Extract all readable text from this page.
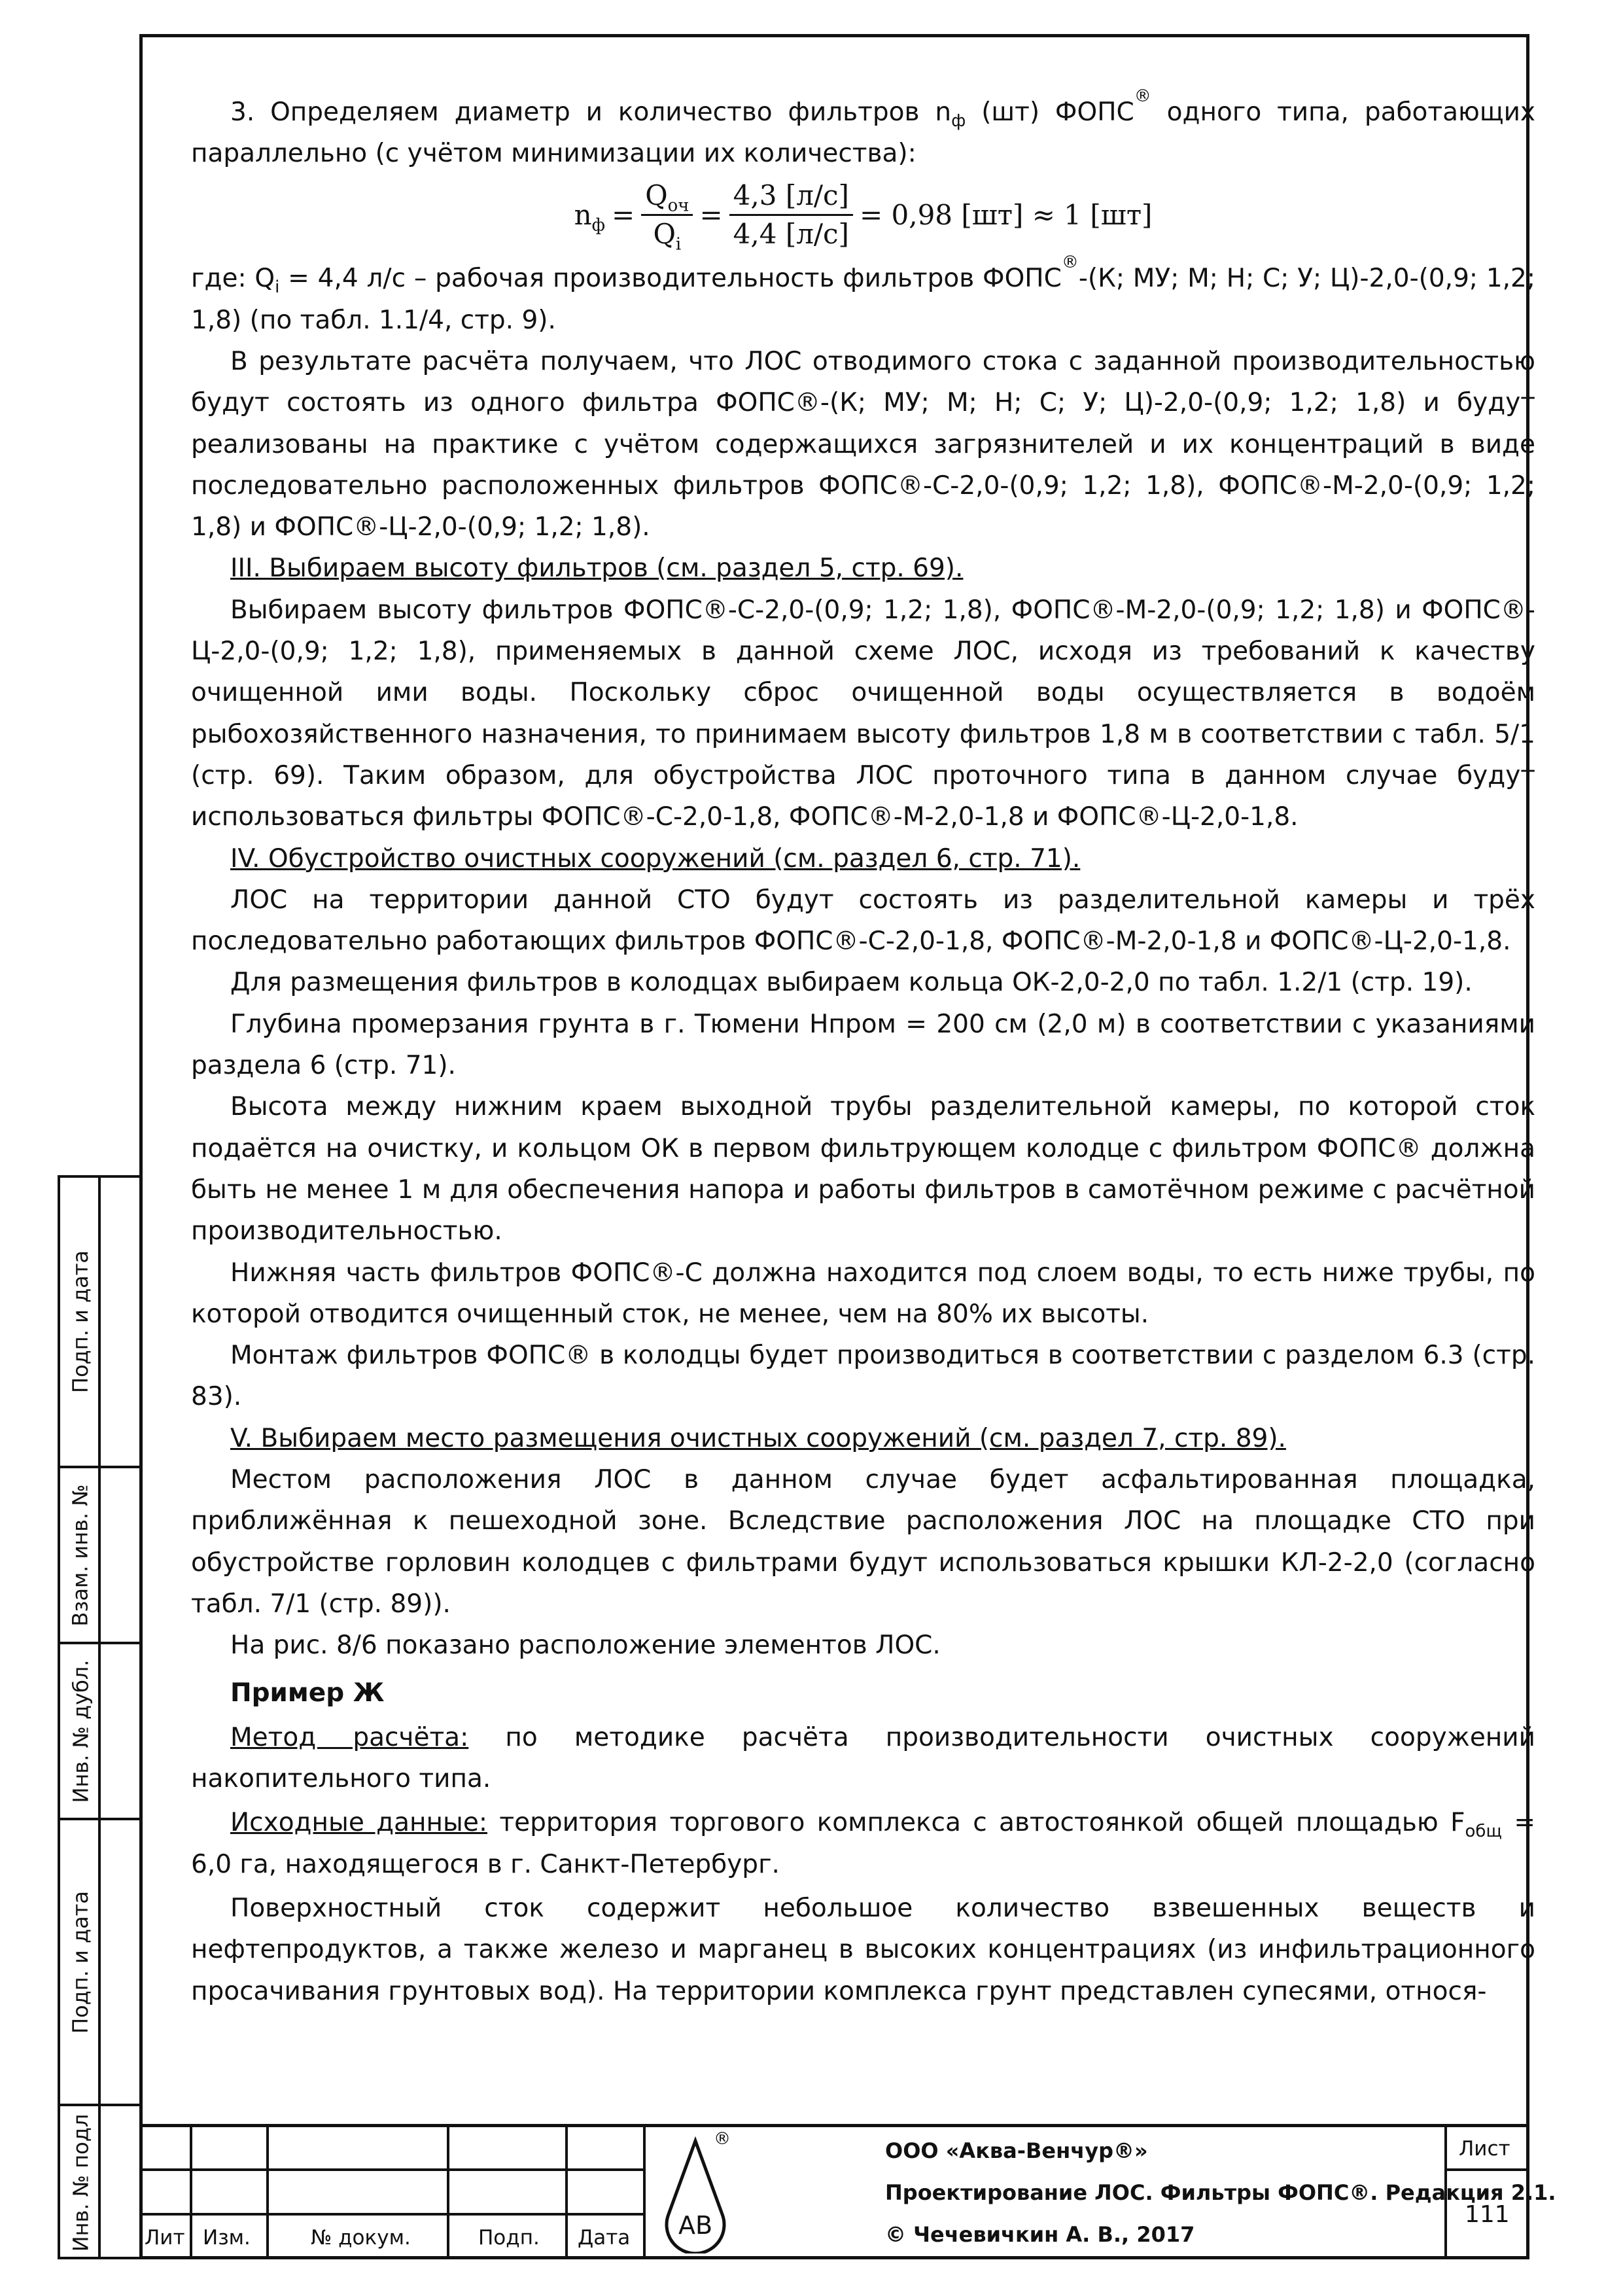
3. Определяем диаметр и количество фильтров $n_ф$ (шт) ФОПС® одного типа, работающих параллельно (с учётом минимизации их количества):

$n_ф = \frac{Q_{оч}}{Q_i} = \frac{4,3 [л/с]}{4,4 [л/с]} = 0,98$ [шт] ≈ 1 [шт]

где: $Q_i = 4,4$ л/с – рабочая производительность фильтров ФОПС®-(К; МУ; М; Н; С; У; Ц)-2,0-(0,9; 1,2; 1,8) (по табл. 1.1/4, стр. 9).

В результате расчёта получаем, что ЛОС отводимого стока с заданной производительностью будут состоять из одного фильтра ФОПС®-(К; МУ; М; Н; С; У; Ц)-2,0-(0,9; 1,2; 1,8) и будут реализованы на практике с учётом содержащихся загрязнителей и их концентраций в виде последовательно расположенных фильтров ФОПС®-С-2,0-(0,9; 1,2; 1,8), ФОПС®-М-2,0-(0,9; 1,2; 1,8) и ФОПС®-Ц-2,0-(0,9; 1,2; 1,8).

III. Выбираем высоту фильтров (см. раздел 5, стр. 69).

Выбираем высоту фильтров ФОПС®-С-2,0-(0,9; 1,2; 1,8), ФОПС®-М-2,0-(0,9; 1,2; 1,8) и ФОПС®-Ц-2,0-(0,9; 1,2; 1,8), применяемых в данной схеме ЛОС, исходя из требований к качеству очищенной ими воды. Поскольку сброс очищенной воды осуществляется в водоём рыбохозяйственного назначения, то принимаем высоту фильтров 1,8 м в соответствии с табл. 5/1 (стр. 69). Таким образом, для обустройства ЛОС проточного типа в данном случае будут использоваться фильтры ФОПС®-С-2,0-1,8, ФОПС®-М-2,0-1,8 и ФОПС®-Ц-2,0-1,8.

IV. Обустройство очистных сооружений (см. раздел 6, стр. 71).

ЛОС на территории данной СТО будут состоять из разделительной камеры и трёх последовательно работающих фильтров ФОПС®-С-2,0-1,8, ФОПС®-М-2,0-1,8 и ФОПС®-Ц-2,0-1,8.

Для размещения фильтров в колодцах выбираем кольца ОК-2,0-2,0 по табл. 1.2/1 (стр. 19).

Глубина промерзания грунта в г. Тюмени Нпром = 200 см (2,0 м) в соответствии с указаниями раздела 6 (стр. 71).

Высота между нижним краем выходной трубы разделительной камеры, по которой сток подаётся на очистку, и кольцом ОК в первом фильтрующем колодце с фильтром ФОПС® должна быть не менее 1 м для обеспечения напора и работы фильтров в самотёчном режиме с расчётной производительностью.

Нижняя часть фильтров ФОПС®-С должна находится под слоем воды, то есть ниже трубы, по которой отводится очищенный сток, не менее, чем на 80% их высоты.

Монтаж фильтров ФОПС® в колодцы будет производиться в соответствии с разделом 6.3 (стр. 83).

V. Выбираем место размещения очистных сооружений (см. раздел 7, стр. 89).

Местом расположения ЛОС в данном случае будет асфальтированная площадка, приближённая к пешеходной зоне. Вследствие расположения ЛОС на площадке СТО при обустройстве горловин колодцев с фильтрами будут использоваться крышки КЛ-2-2,0 (согласно табл. 7/1 (стр. 89)).

На рис. 8/6 показано расположение элементов ЛОС.

Пример Ж

Метод расчёта: по методике расчёта производительности очистных сооружений накопительного типа.

Исходные данные: территория торгового комплекса с автостоянкой общей площадью $F_{общ} = 6,0$ га, находящегося в г. Санкт-Петербург.

Поверхностный сток содержит небольшое количество взвешенных веществ и нефтепродуктов, а также железо и марганец в высоких концентрациях (из инфильтрационного просачивания грунтовых вод). На территории комплекса грунт представлен супесями, относя-

Подп. и дата
Взам. инв. №
Инв. № дубл.
Подп. и дата
Инв. № подл	Лит Изм.	№ докум.	Подп. Дата АВ
®	ООО «Аква-Венчур®»
Проектирование ЛОС. Фильтры ФОПС®. Редакция 2.1.
© Чечевичкин А. В., 2017
Лист
111
